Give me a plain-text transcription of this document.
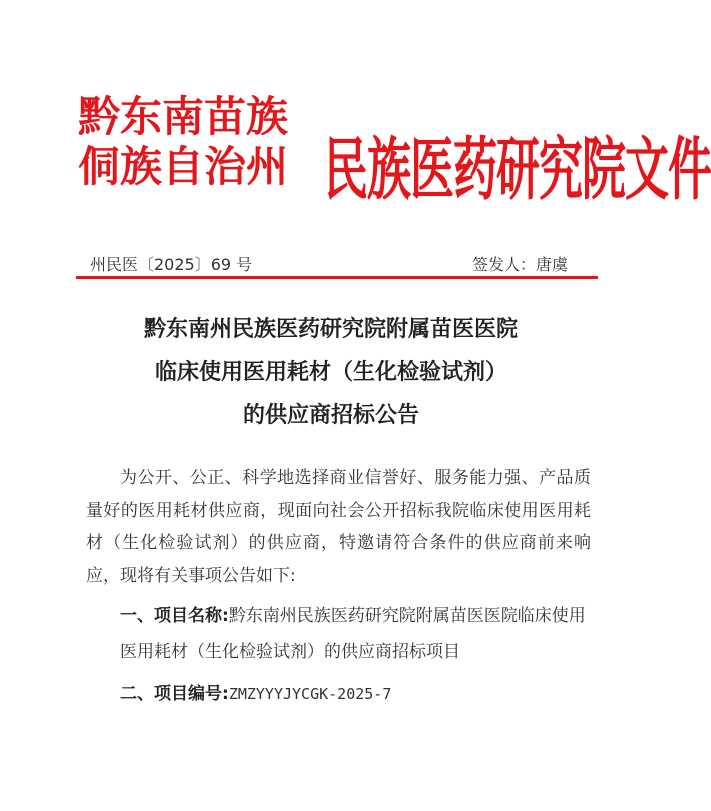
黔东南苗族
侗族自治州 民族医药研究院文件
州民医〔2025〕69 号	签发人：唐虞
黔东南州民族医药研究院附属苗医医院
临床使用医用耗材（生化检验试剂）
的供应商招标公告

为公开、公正、科学地选择商业信誉好、服务能力强、产品质量好的医用耗材供应商，现面向社会公开招标我院临床使用医用耗材（生化检验试剂）的供应商，特邀请符合条件的供应商前来响应，现将有关事项公告如下:

一、项目名称:黔东南州民族医药研究院附属苗医医院临床使用医用耗材（生化检验试剂）的供应商招标项目
二、项目编号:ZMZYYYJYCGK-2025-7
